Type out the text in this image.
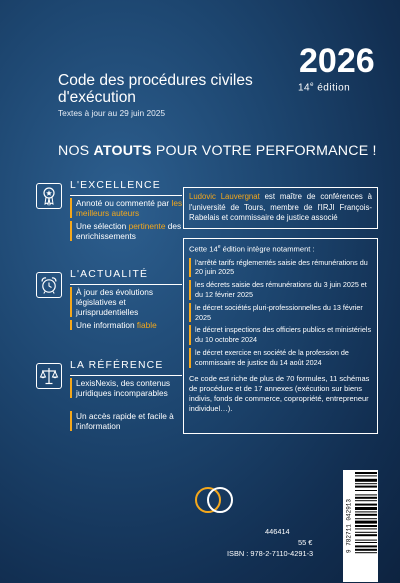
Code des procédures civiles d'exécution
Textes à jour au 29 juin 2025
2026
14e édition
NOS ATOUTS POUR VOTRE PERFORMANCE !
L'EXCELLENCE
Annoté ou commenté par les meilleurs auteurs
Une sélection pertinente des enrichissements
L'ACTUALITÉ
À jour des évolutions législatives et jurisprudentielles
Une information fiable
LA RÉFÉRENCE
LexisNexis, des contenus juridiques incomparables
Un accès rapide et facile à l'information
Ludovic Lauvergnat est maître de conférences à l'université de Tours, membre de l'IRJI François-Rabelais et commissaire de justice associé
Cette 14e édition intègre notamment :
l'arrêté tarifs réglementés saisie des rémunérations du 20 juin 2025
les décrets saisie des rémunérations du 3 juin 2025 et du 12 février 2025
le décret sociétés pluri-professionnelles du 13 février 2025
le décret inspections des officiers publics et ministériels du 10 octobre 2024
le décret exercice en société de la profession de commissaire de justice du 14 août 2024
Ce code est riche de plus de 70 formules, 11 schémas de procédure et de 17 annexes (exécution sur biens indivis, fonds de commerce, copropriété, entrepreneur individuel…).
446414
55 €
ISBN : 978-2-7110-4291-3
9 782711 042913
